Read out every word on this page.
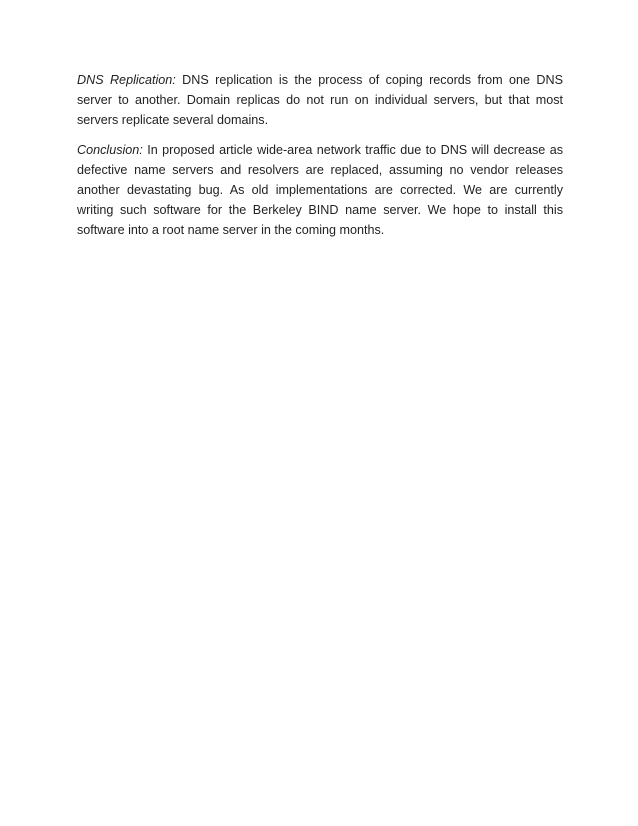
DNS Replication: DNS replication is the process of coping records from one DNS server to another. Domain replicas do not run on individual servers, but that most servers replicate several domains.

Conclusion: In proposed article wide-area network traffic due to DNS will decrease as defective name servers and resolvers are replaced, assuming no vendor releases another devastating bug. As old implementations are corrected. We are currently writing such software for the Berkeley BIND name server. We hope to install this software into a root name server in the coming months.
